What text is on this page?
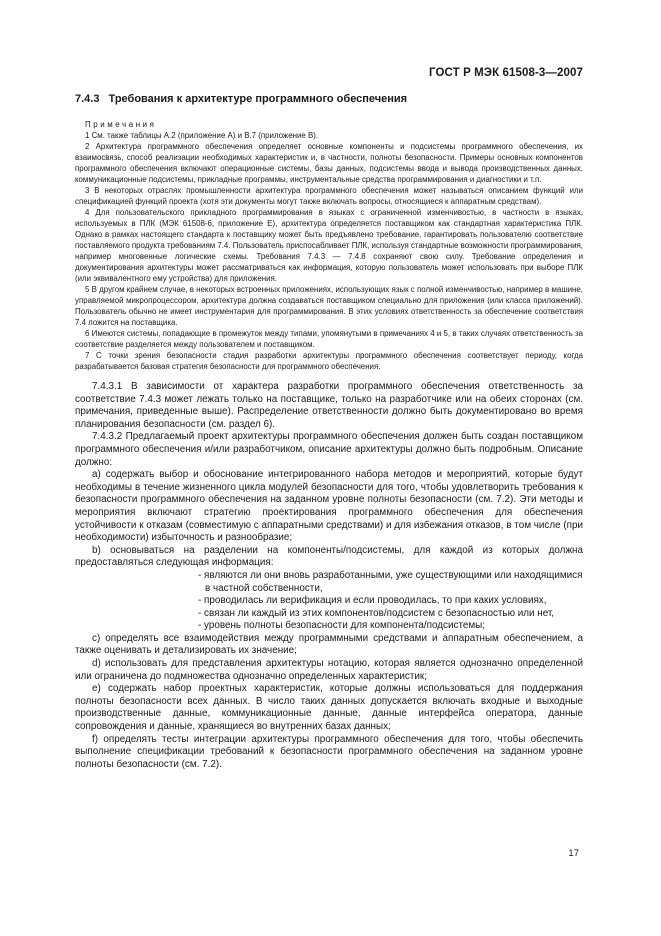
ГОСТ Р МЭК 61508-3—2007

7.4.3 Требования к архитектуре программного обеспечения

Примечания

1 См. также таблицы А.2 (приложение А) и В.7 (приложение В).

2 Архитектура программного обеспечения определяет основные компоненты и подсистемы программного обеспечения, их взаимосвязь, способ реализации необходимых характеристик и, в частности, полноты безопасности. Примеры основных компонентов программного обеспечения включают операционные системы, базы данных, подсистемы ввода и вывода производственных данных, коммуникационные подсистемы, прикладные программы, инструментальные средства программирования и диагностики и т.п.

3 В некоторых отраслях промышленности архитектура программного обеспечения может называться описанием функций или спецификацией функций проекта (хотя эти документы могут также включать вопросы, относящиеся к аппаратным средствам).

4 Для пользовательского прикладного программирования в языках с ограниченной изменчивостью, в частности в языках, используемых в ПЛК (МЭК 61508-6, приложение Е), архитектура определяется поставщиком как стандартная характеристика ПЛК. Однако в рамках настоящего стандарта к поставщику может быть предъявлено требование, гарантировать пользователю соответствие поставляемого продукта требованиям 7.4. Пользователь приспосабливает ПЛК, используя стандартные возможности программирования, например многовенные логические схемы. Требования 7.4.3 — 7.4.8 сохраняют свою силу. Требование определения и документирования архитектуры может рассматриваться как информация, которую пользователь может использовать при выборе ПЛК (или эквивалентного ему устройства) для приложения.

5 В другом крайнем случае, в некоторых встроенных приложениях, использующих язык с полной изменчивостью, например в машине, управляемой микропроцессором, архитектура должна создаваться поставщиком специально для приложения (или класса приложений). Пользователь обычно не имеет инструментария для программирования. В этих условиях ответственность за обеспечение соответствия 7.4 ложится на поставщика.

6 Имеются системы, попадающие в промежуток между типами, упомянутыми в примечаниях 4 и 5, в таких случаях ответственность за соответствие разделяется между пользователем и поставщиком.

7 С точки зрения безопасности стадия разработки архитектуры программного обеспечения соответствует периоду, когда разрабатывается базовая стратегия безопасности для программного обеспечения.

7.4.3.1 В зависимости от характера разработки программного обеспечения ответственность за соответствие 7.4.3 может лежать только на поставщике, только на разработчике или на обеих сторонах (см. примечания, приведенные выше). Распределение ответственности должно быть документировано во время планирования безопасности (см. раздел 6).

7.4.3.2 Предлагаемый проект архитектуры программного обеспечения должен быть создан поставщиком программного обеспечения и/или разработчиком, описание архитектуры должно быть подробным. Описание должно:

а) содержать выбор и обоснование интегрированного набора методов и мероприятий, которые будут необходимы в течение жизненного цикла модулей безопасности для того, чтобы удовлетворить требования к безопасности программного обеспечения на заданном уровне полноты безопасности (см. 7.2). Эти методы и мероприятия включают стратегию проектирования программного обеспечения для обеспечения устойчивости к отказам (совместимую с аппаратными средствами) и для избежания отказов, в том числе (при необходимости) избыточность и разнообразие;

b) основываться на разделении на компоненты/подсистемы, для каждой из которых должна предоставляться следующая информация:

- являются ли они вновь разработанными, уже существующими или находящимися в частной собственности,

- проводилась ли верификация и если проводилась, то при каких условиях,

- связан ли каждый из этих компонентов/подсистем с безопасностью или нет,

- уровень полноты безопасности для компонента/подсистемы;

с) определять все взаимодействия между программными средствами и аппаратным обеспечением, а также оценивать и детализировать их значение;

d) использовать для представления архитектуры нотацию, которая является однозначно определенной или ограничена до подмножества однозначно определенных характеристик;

е) содержать набор проектных характеристик, которые должны использоваться для поддержания полноты безопасности всех данных. В число таких данных допускается включать входные и выходные производственные данные, коммуникационные данные, данные интерфейса оператора, данные сопровождения и данные, хранящиеся во внутренних базах данных;

f) определять тесты интеграции архитектуры программного обеспечения для того, чтобы обеспечить выполнение спецификации требований к безопасности программного обеспечения на заданном уровне полноты безопасности (см. 7.2).

17
